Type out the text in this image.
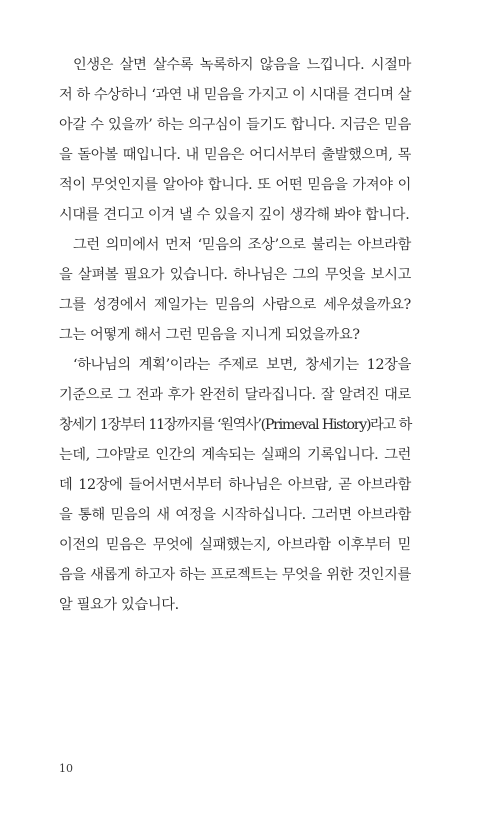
인생은 살면 살수록 녹록하지 않음을 느낍니다. 시절마
저 하 수상하니 ‘과연 내 믿음을 가지고 이 시대를 견디며 살
아갈 수 있을까’ 하는 의구심이 들기도 합니다. 지금은 믿음
을 돌아볼 때입니다. 내 믿음은 어디서부터 출발했으며, 목
적이 무엇인지를 알아야 합니다. 또 어떤 믿음을 가져야 이
시대를 견디고 이겨 낼 수 있을지 깊이 생각해 봐야 합니다.
그런 의미에서 먼저 ‘믿음의 조상’으로 불리는 아브라함
을 살펴볼 필요가 있습니다. 하나님은 그의 무엇을 보시고
그를 성경에서 제일가는 믿음의 사람으로 세우셨을까요?
그는 어떻게 해서 그런 믿음을 지니게 되었을까요?
‘하나님의 계획’이라는 주제로 보면, 창세기는 12장을
기준으로 그 전과 후가 완전히 달라집니다. 잘 알려진 대로
창세기 1장부터 11장까지를 ‘원역사’(Primeval History)라고 하
는데, 그야말로 인간의 계속되는 실패의 기록입니다. 그런
데 12장에 들어서면서부터 하나님은 아브람, 곧 아브라함
을 통해 믿음의 새 여정을 시작하십니다. 그러면 아브라함
이전의 믿음은 무엇에 실패했는지, 아브라함 이후부터 믿
음을 새롭게 하고자 하는 프로젝트는 무엇을 위한 것인지를
알 필요가 있습니다.
10
